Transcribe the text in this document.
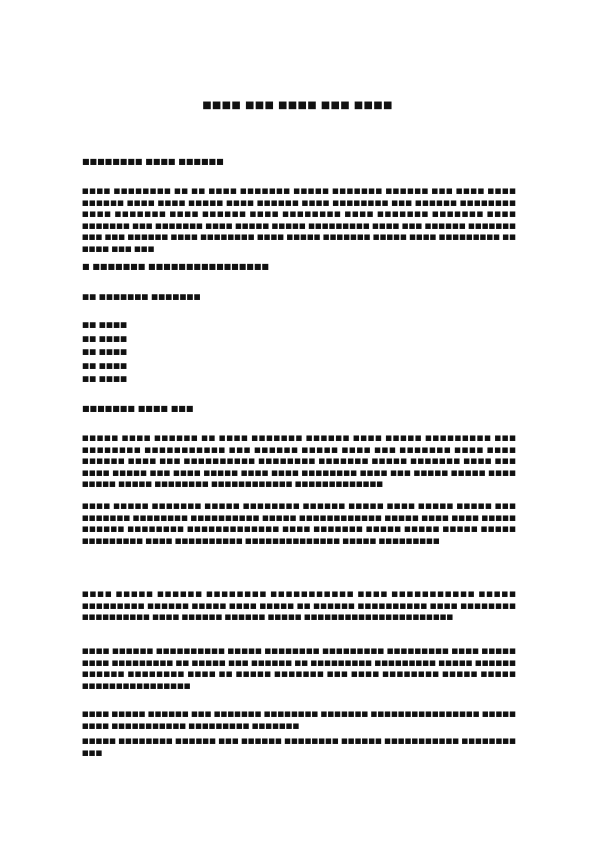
■■■■ ■■■ ■■■■ ■■■ ■■■■
■■■■■■■■ ■■■■ ■■■■■■
■■■■ ■■■■■■■■ ■■ ■■ ■■■■ ■■■■■■■ ■■■■■ ■■■■■■■ ■■■■■■ ■■■ ■■■■ ■■■■ ■■■■■■ ■■■■ ■■■■ ■■■■■ ■■■■ ■■■■■■ ■■■■ ■■■■■■■■ ■■■ ■■■■■■ ■■■■■■■■ ■■■■ ■■■■■■■ ■■■■ ■■■■■■ ■■■■ ■■■■■■■■ ■■■■ ■■■■■■■ ■■■■■■■ ■■■■ ■■■■■■■ ■■■ ■■■■■■■ ■■■■ ■■■■■ ■■■■■ ■■■■■■■■■ ■■■■ ■■■ ■■■■■■ ■■■■■■■ ■■■ ■■■ ■■■■■■ ■■■■ ■■■■■■■■ ■■■■ ■■■■■ ■■■■■■■ ■■■■■ ■■■■ ■■■■■■■■■ ■■ ■■■■ ■■■ ■■■
■ ■■■■■■■ ■■■■■■■■■■■■■■■■
■■ ■■■■■■■ ■■■■■■■
■■ ■■■■
■■ ■■■■
■■ ■■■■
■■ ■■■■
■■ ■■■■
■■■■■■■ ■■■■ ■■■
■■■■■ ■■■■ ■■■■■■ ■■ ■■■■ ■■■■■■■ ■■■■■■ ■■■■ ■■■■■ ■■■■■■■■■ ■■■ ■■■■■■■■ ■■■■■■■■■■■ ■■■ ■■■■■■ ■■■■■ ■■■■ ■■■ ■■■■■■■ ■■■■ ■■■■ ■■■■■■ ■■■■ ■■■ ■■■■■■■■■■ ■■■■■■■■ ■■■■■■■ ■■■■■ ■■■■■■■ ■■■■ ■■■ ■■■■ ■■■■■ ■■■ ■■■■ ■■■■■ ■■■■ ■■■■ ■■■■■■■■ ■■■■ ■■■ ■■■■■ ■■■■■ ■■■■ ■■■■■ ■■■■■ ■■■■■■■■ ■■■■■■■■■■■■ ■■■■■■■■■■■■■
■■■■ ■■■■■ ■■■■■■■ ■■■■■ ■■■■■■■■ ■■■■■■ ■■■■■ ■■■■ ■■■■■ ■■■■■ ■■■ ■■■■■■■ ■■■■■■■■ ■■■■■■■■■■ ■■■■■ ■■■■■■■■■■■■ ■■■■■ ■■■■ ■■■■ ■■■■■ ■■■■■■ ■■■■■■■■ ■■■■■■■■■■■■■ ■■■■ ■■■■■■■ ■■■■■ ■■■■■ ■■■■■ ■■■■■ ■■■■■■■■■ ■■■■ ■■■■■■■■■■ ■■■■■■■■■■■■■■ ■■■■■ ■■■■■■■■■
■■■■ ■■■■■ ■■■■■■ ■■■■■■■■ ■■■■■■■■■■■ ■■■■ ■■■■■■■■■■■ ■■■■■ ■■■■■■■■■ ■■■■■■ ■■■■■ ■■■■ ■■■■■ ■■ ■■■■■■ ■■■■■■■■■■ ■■■■ ■■■■■■■■ ■■■■■■■■■■ ■■■■ ■■■■■■ ■■■■■■ ■■■■■ ■■■■■■■■■■■■■■■■■■■■■■
■■■■ ■■■■■■ ■■■■■■■■■■ ■■■■■ ■■■■■■■■ ■■■■■■■■■ ■■■■■■■■■ ■■■■ ■■■■■ ■■■■ ■■■■■■■■■ ■■ ■■■■■ ■■■ ■■■■■■ ■■ ■■■■■■■■■ ■■■■■■■■■ ■■■■■ ■■■■■■ ■■■■■■ ■■■■■■■■ ■■■■ ■■ ■■■■■ ■■■■■■■ ■■■ ■■■■ ■■■■■■■■ ■■■■■ ■■■■■ ■■■■■■■■■■■■■■■■
■■■■ ■■■■■ ■■■■■■ ■■■ ■■■■■■■ ■■■■■■■■ ■■■■■■■ ■■■■■■■■■■■■■■■■ ■■■■■ ■■■■ ■■■■■■■■■■■ ■■■■■■■■■ ■■■■■■■
■■■■■ ■■■■■■■■ ■■■■■■ ■■■ ■■■■■■ ■■■■■■■■ ■■■■■■ ■■■■■■■■■■■ ■■■■■■■■ ■■■
